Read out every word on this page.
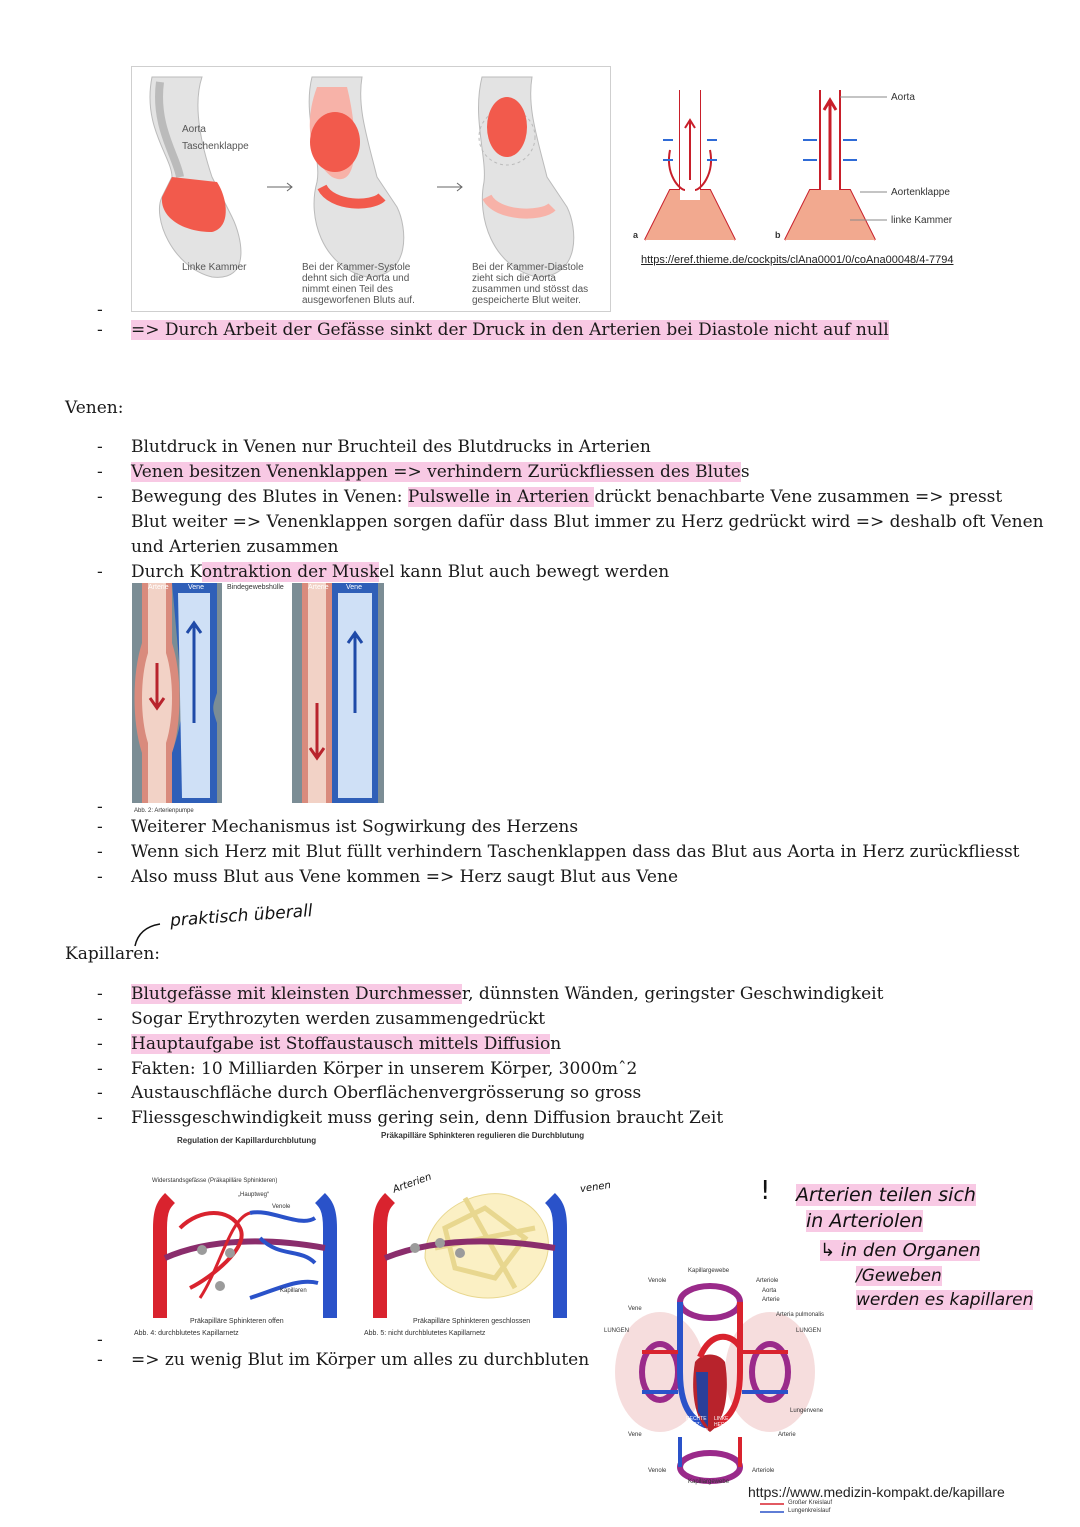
Aorta
Taschenklappe
Linke Kammer	Bei der Kammer-Systole dehnt sich die Aorta und nimmt einen Teil des ausgeworfenen Bluts auf.
Bei der Kammer-Diastole zieht sich die Aorta zusammen und stösst das gespeicherte Blut weiter.
a	b
Aorta
Aortenklappe
linke Kammer
https://eref.thieme.de/cockpits/clAna0001/0/coAna00048/4-7794
-
- => Durch Arbeit der Gefässe sinkt der Druck in den Arterien bei Diastole nicht auf null
Venen:
- Blutdruck in Venen nur Bruchteil des Blutdrucks in Arterien
- Venen besitzen Venenklappen => verhindern Zurückfliessen des Blutes
- Bewegung des Blutes in Venen: Pulswelle in Arterien drückt benachbarte Vene zusammen => presst
Blut weiter => Venenklappen sorgen dafür dass Blut immer zu Herz gedrückt wird => deshalb oft Venen
und Arterien zusammen
- Durch Kontraktion der Muskel kann Blut auch bewegt werden
Arterie	Vene	Bindegewebshülle	Arterie Vene
Abb. 2: Arterienpumpe
-
- Weiterer Mechanismus ist Sogwirkung des Herzens
- Wenn sich Herz mit Blut füllt verhindern Taschenklappen dass das Blut aus Aorta in Herz zurückfliesst
- Also muss Blut aus Vene kommen => Herz saugt Blut aus Vene
praktisch überall
Kapillaren:
- Blutgefässe mit kleinsten Durchmesser, dünnsten Wänden, geringster Geschwindigkeit
- Sogar Erythrozyten werden zusammengedrückt
- Hauptaufgabe ist Stoffaustausch mittels Diffusion
- Fakten: 10 Milliarden Körper in unserem Körper, 3000mˆ2
- Austauschfläche durch Oberflächenvergrösserung so gross
- Fliessgeschwindigkeit muss gering sein, denn Diffusion braucht Zeit
Regulation der Kapillardurchblutung
Präkapilläre Sphinkteren regulieren die Durchblutung
Widerstandsgefässe (Präkapilläre Sphinkteren)
„Hauptweg“
Venole
Kapillaren
Präkapilläre Sphinkteren offen
Abb. 4: durchblutetes Kapillarnetz
Arterien	venen
Präkapilläre Sphinkteren geschlossen
Abb. 5: nicht durchblutetes Kapillarnetz
-
- => zu wenig Blut im Körper um alles zu durchbluten
! Arterien teilen sich
in Arteriolen
↳ in den Organen
/Geweben
werden es kapillaren
Kapillargewebe
Venole	Arteriole
Aorta
Arterie
Vene
Arteria pulmonalis
LUNGEN	LUNGEN
Lungenvene
RECHTE HERZ-KAMMER
LINKE HERZ-KAMMER
Vene	Arterie
Venole	Arteriole
Kapillargewebe
https://www.medizin-kompakt.de/kapillare
Großer Kreislauf
Lungenkreislauf
